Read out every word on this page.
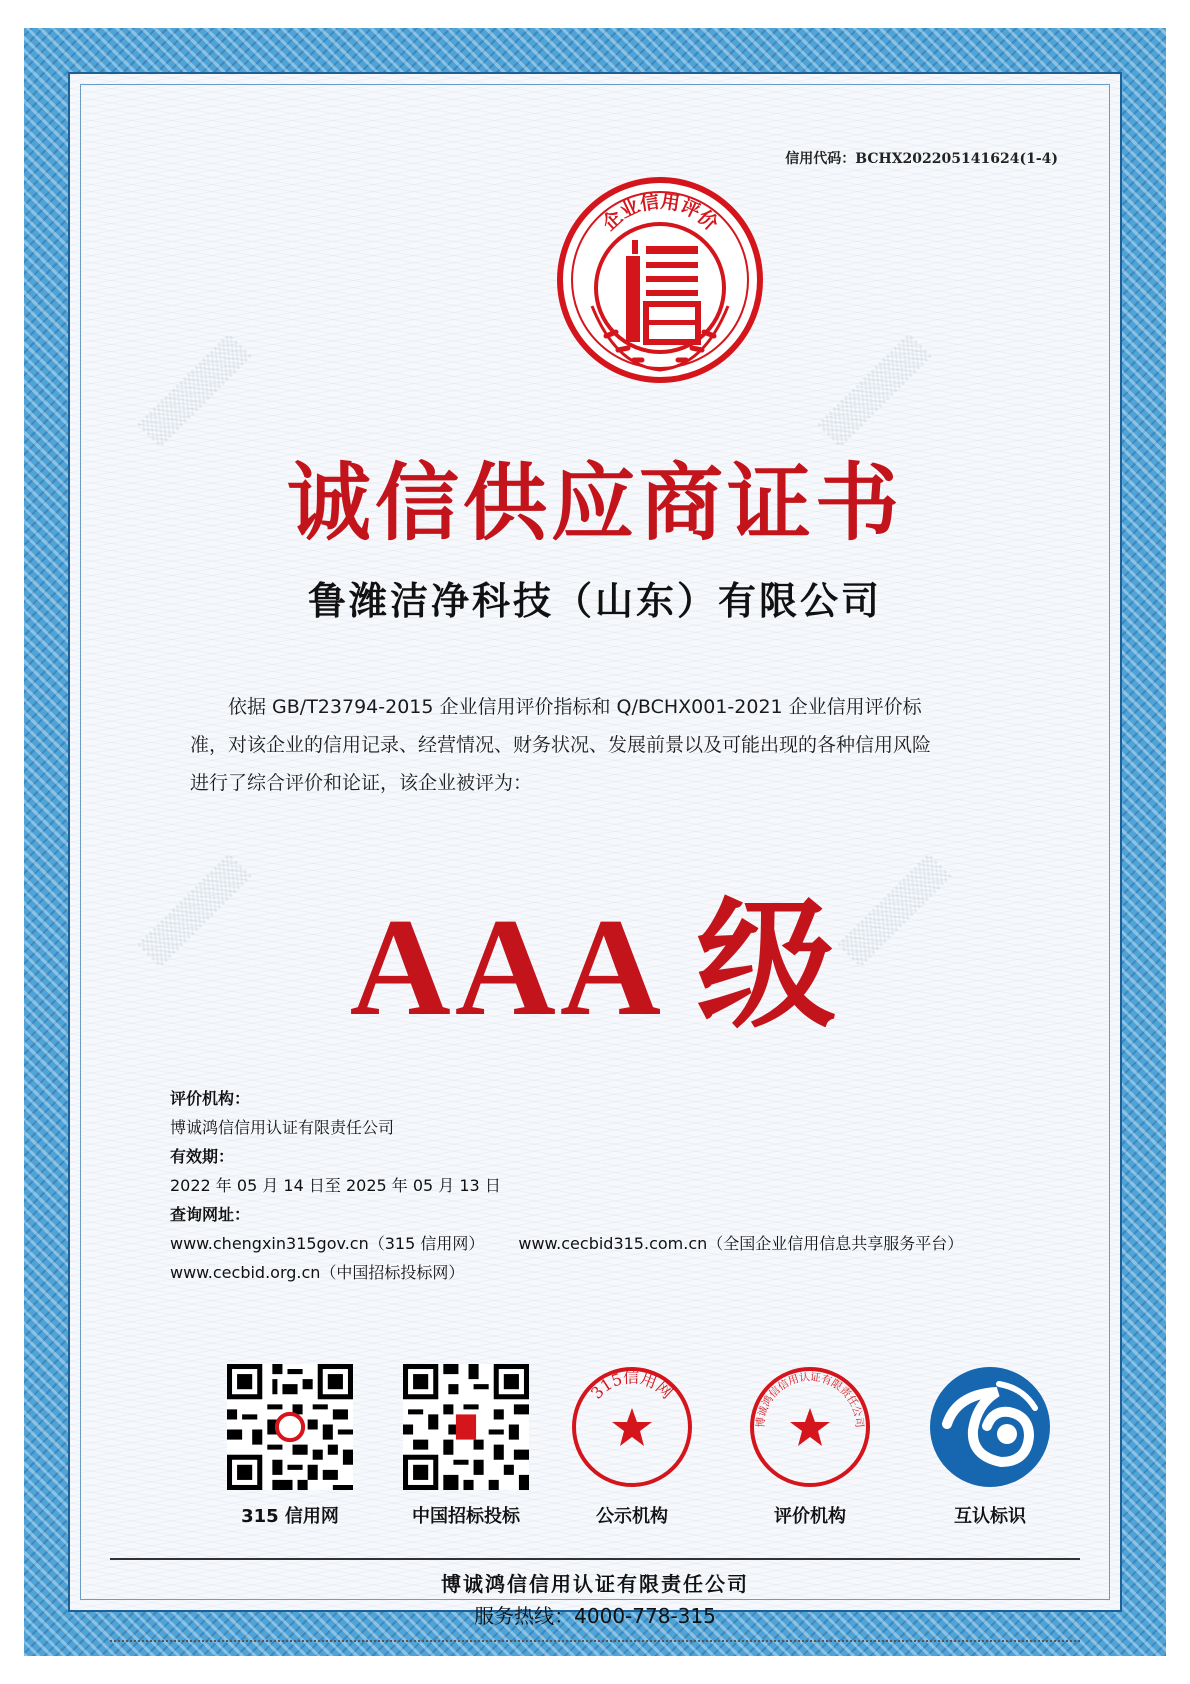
▒▒▒▒▒▒	▒▒▒▒▒▒
▒▒▒▒▒▒	▒▒▒▒▒▒
信用代码：BCHX202205141624(1-4)
企业信用评价
诚信供应商证书
鲁潍洁净科技（山东）有限公司

依据 GB/T23794-2015 企业信用评价指标和 Q/BCHX001-2021 企业信用评价标

准，对该企业的信用记录、经营情况、财务状况、发展前景以及可能出现的各种信用风险
进行了综合评价和论证，该企业被评为：
AAA 级
评价机构：
博诚鸿信信用认证有限责任公司
有效期：
2022 年 05 月 14 日至 2025 年 05 月 13 日
查询网址：
www.chengxin315gov.cn（315 信用网） www.cecbid315.com.cn（全国企业信用信息共享服务平台）
www.cecbid.org.cn（中国招标投标网）
315 信用网	中国招标投标
315信用网
公示机构
博诚鸿信信用认证有限责任公司
评价机构	互认标识
博诚鸿信信用认证有限责任公司
服务热线：4000-778-315
